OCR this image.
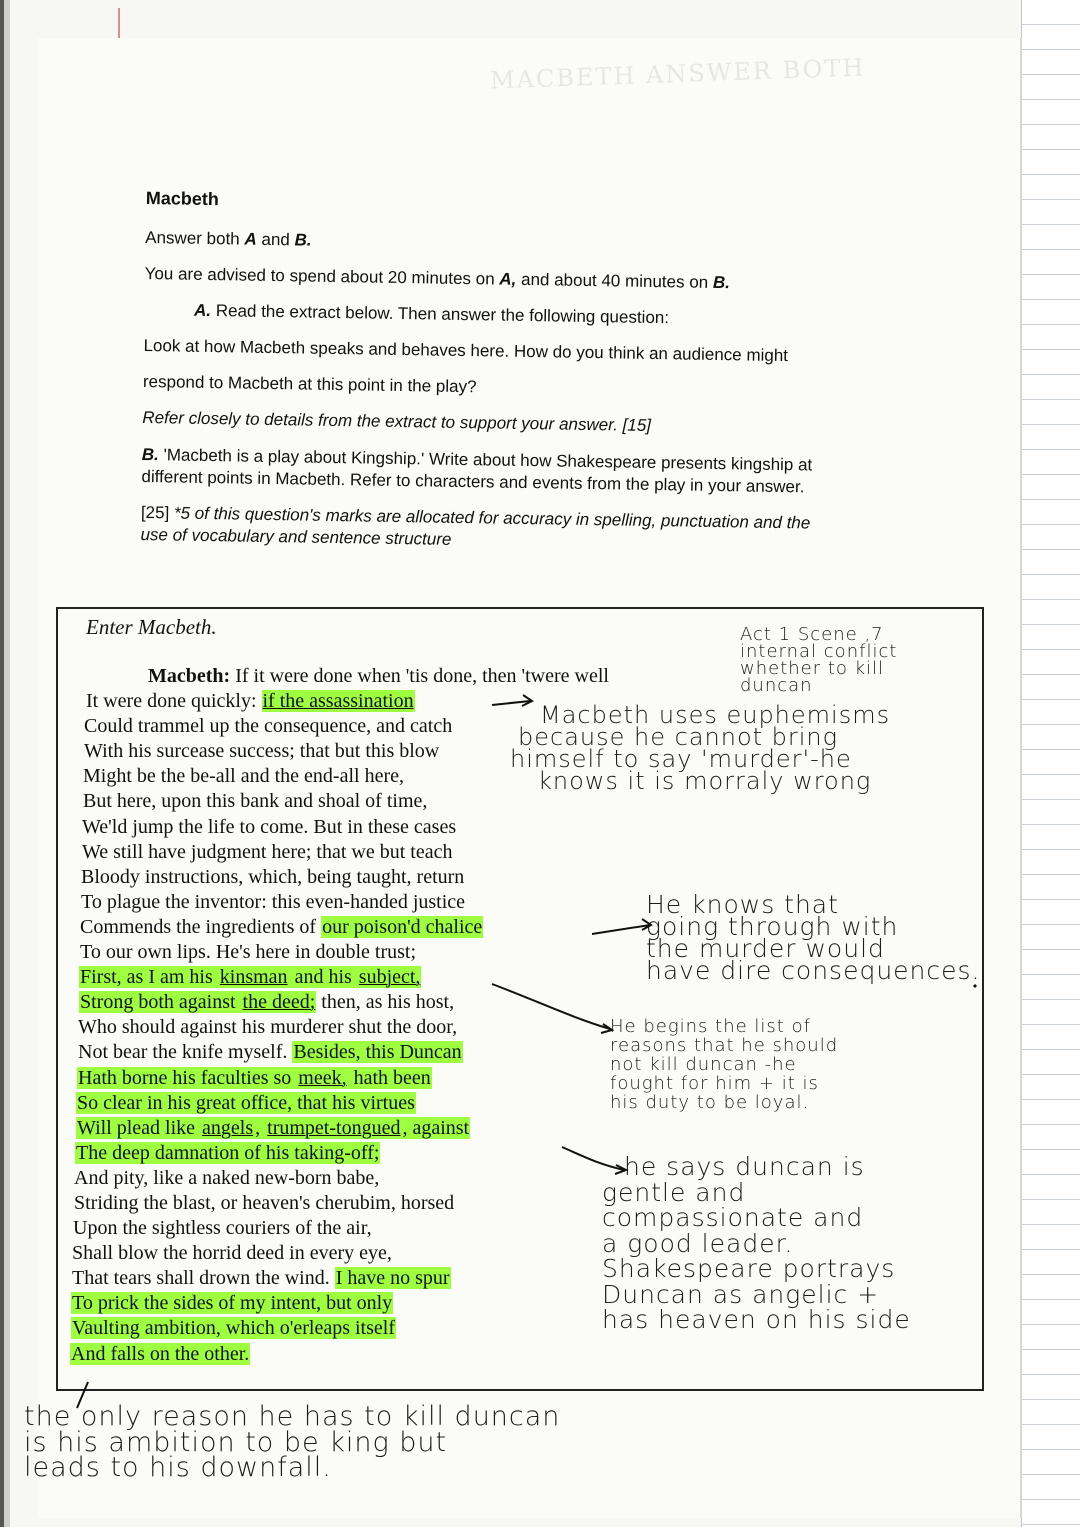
MACBETH ANSWER BOTH
Macbeth
Answer both A and B.
You are advised to spend about 20 minutes on A, and about 40 minutes on B.
A. Read the extract below. Then answer the following question:
Look at how Macbeth speaks and behaves here. How do you think an audience might
respond to Macbeth at this point in the play?
Refer closely to details from the extract to support your answer. [15]
B. 'Macbeth is a play about Kingship.' Write about how Shakespeare presents kingship at
different points in Macbeth. Refer to characters and events from the play in your answer.
[25] *5 of this question's marks are allocated for accuracy in spelling, punctuation and the
use of vocabulary and sentence structure
Enter Macbeth.
Macbeth: If it were done when 'tis done, then 'twere well
It were done quickly: if the assassination
Could trammel up the consequence, and catch
With his surcease success; that but this blow
Might be the be-all and the end-all here,
But here, upon this bank and shoal of time,
We'ld jump the life to come. But in these cases
We still have judgment here; that we but teach
Bloody instructions, which, being taught, return
To plague the inventor: this even-handed justice
Commends the ingredients of our poison'd chalice
To our own lips. He's here in double trust;
First, as I am his kinsman and his subject,
Strong both against the deed; then, as his host,
Who should against his murderer shut the door,
Not bear the knife myself. Besides, this Duncan
Hath borne his faculties so meek, hath been
So clear in his great office, that his virtues
Will plead like angels , trumpet-tongued , against
The deep damnation of his taking-off;
And pity, like a naked new-born babe,
Striding the blast, or heaven's cherubim, horsed
Upon the sightless couriers of the air,
Shall blow the horrid deed in every eye,
That tears shall drown the wind. I have no spur
To prick the sides of my intent, but only
Vaulting ambition, which o'erleaps itself
And falls on the other.
Act 1 Scene ,7
internal conflict
whether to kill
duncan
Macbeth uses euphemisms
because he cannot bring
himself to say 'murder'-he
knows it is morraly wrong
He knows that
going through with
the murder would
have dire consequences.
He begins the list of
reasons that he should
not kill duncan -he
fought for him + it is
his duty to be loyal.
he says duncan is
gentle and
compassionate and
a good leader.
Shakespeare portrays
Duncan as angelic +
has heaven on his side
the only reason he has to kill duncan
is his ambition to be king but
leads to his downfall.
